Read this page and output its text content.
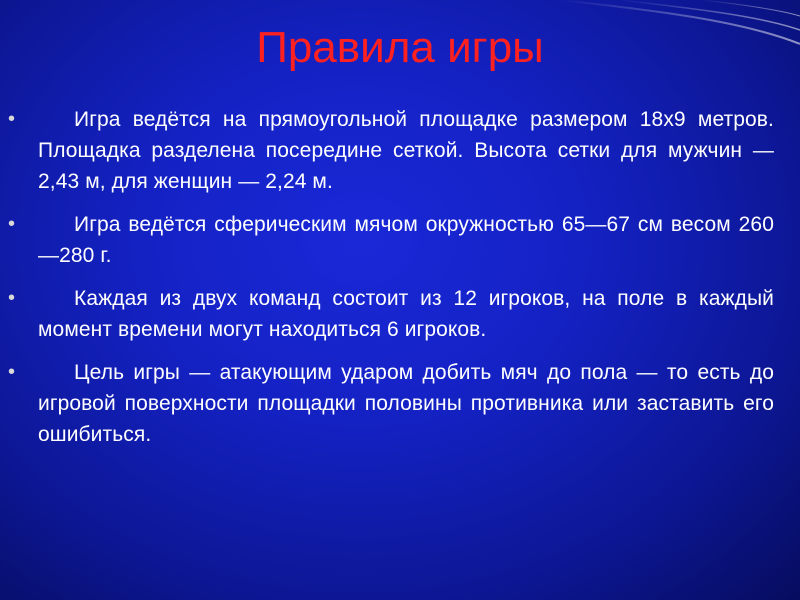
Правила игры
•	Игра ведётся на прямоугольной площадке размером 18х9 метров. Площадка разделена посередине сеткой. Высота сетки для мужчин — 2,43 м, для женщин — 2,24 м.
•	Игра ведётся сферическим мячом окружностью 65—67 см весом 260—280 г.
•	Каждая из двух команд состоит из 12 игроков, на поле в каждый момент времени могут находиться 6 игроков.
•	Цель игры — атакующим ударом добить мяч до пола — то есть до игровой поверхности площадки половины противника или заставить его ошибиться.
